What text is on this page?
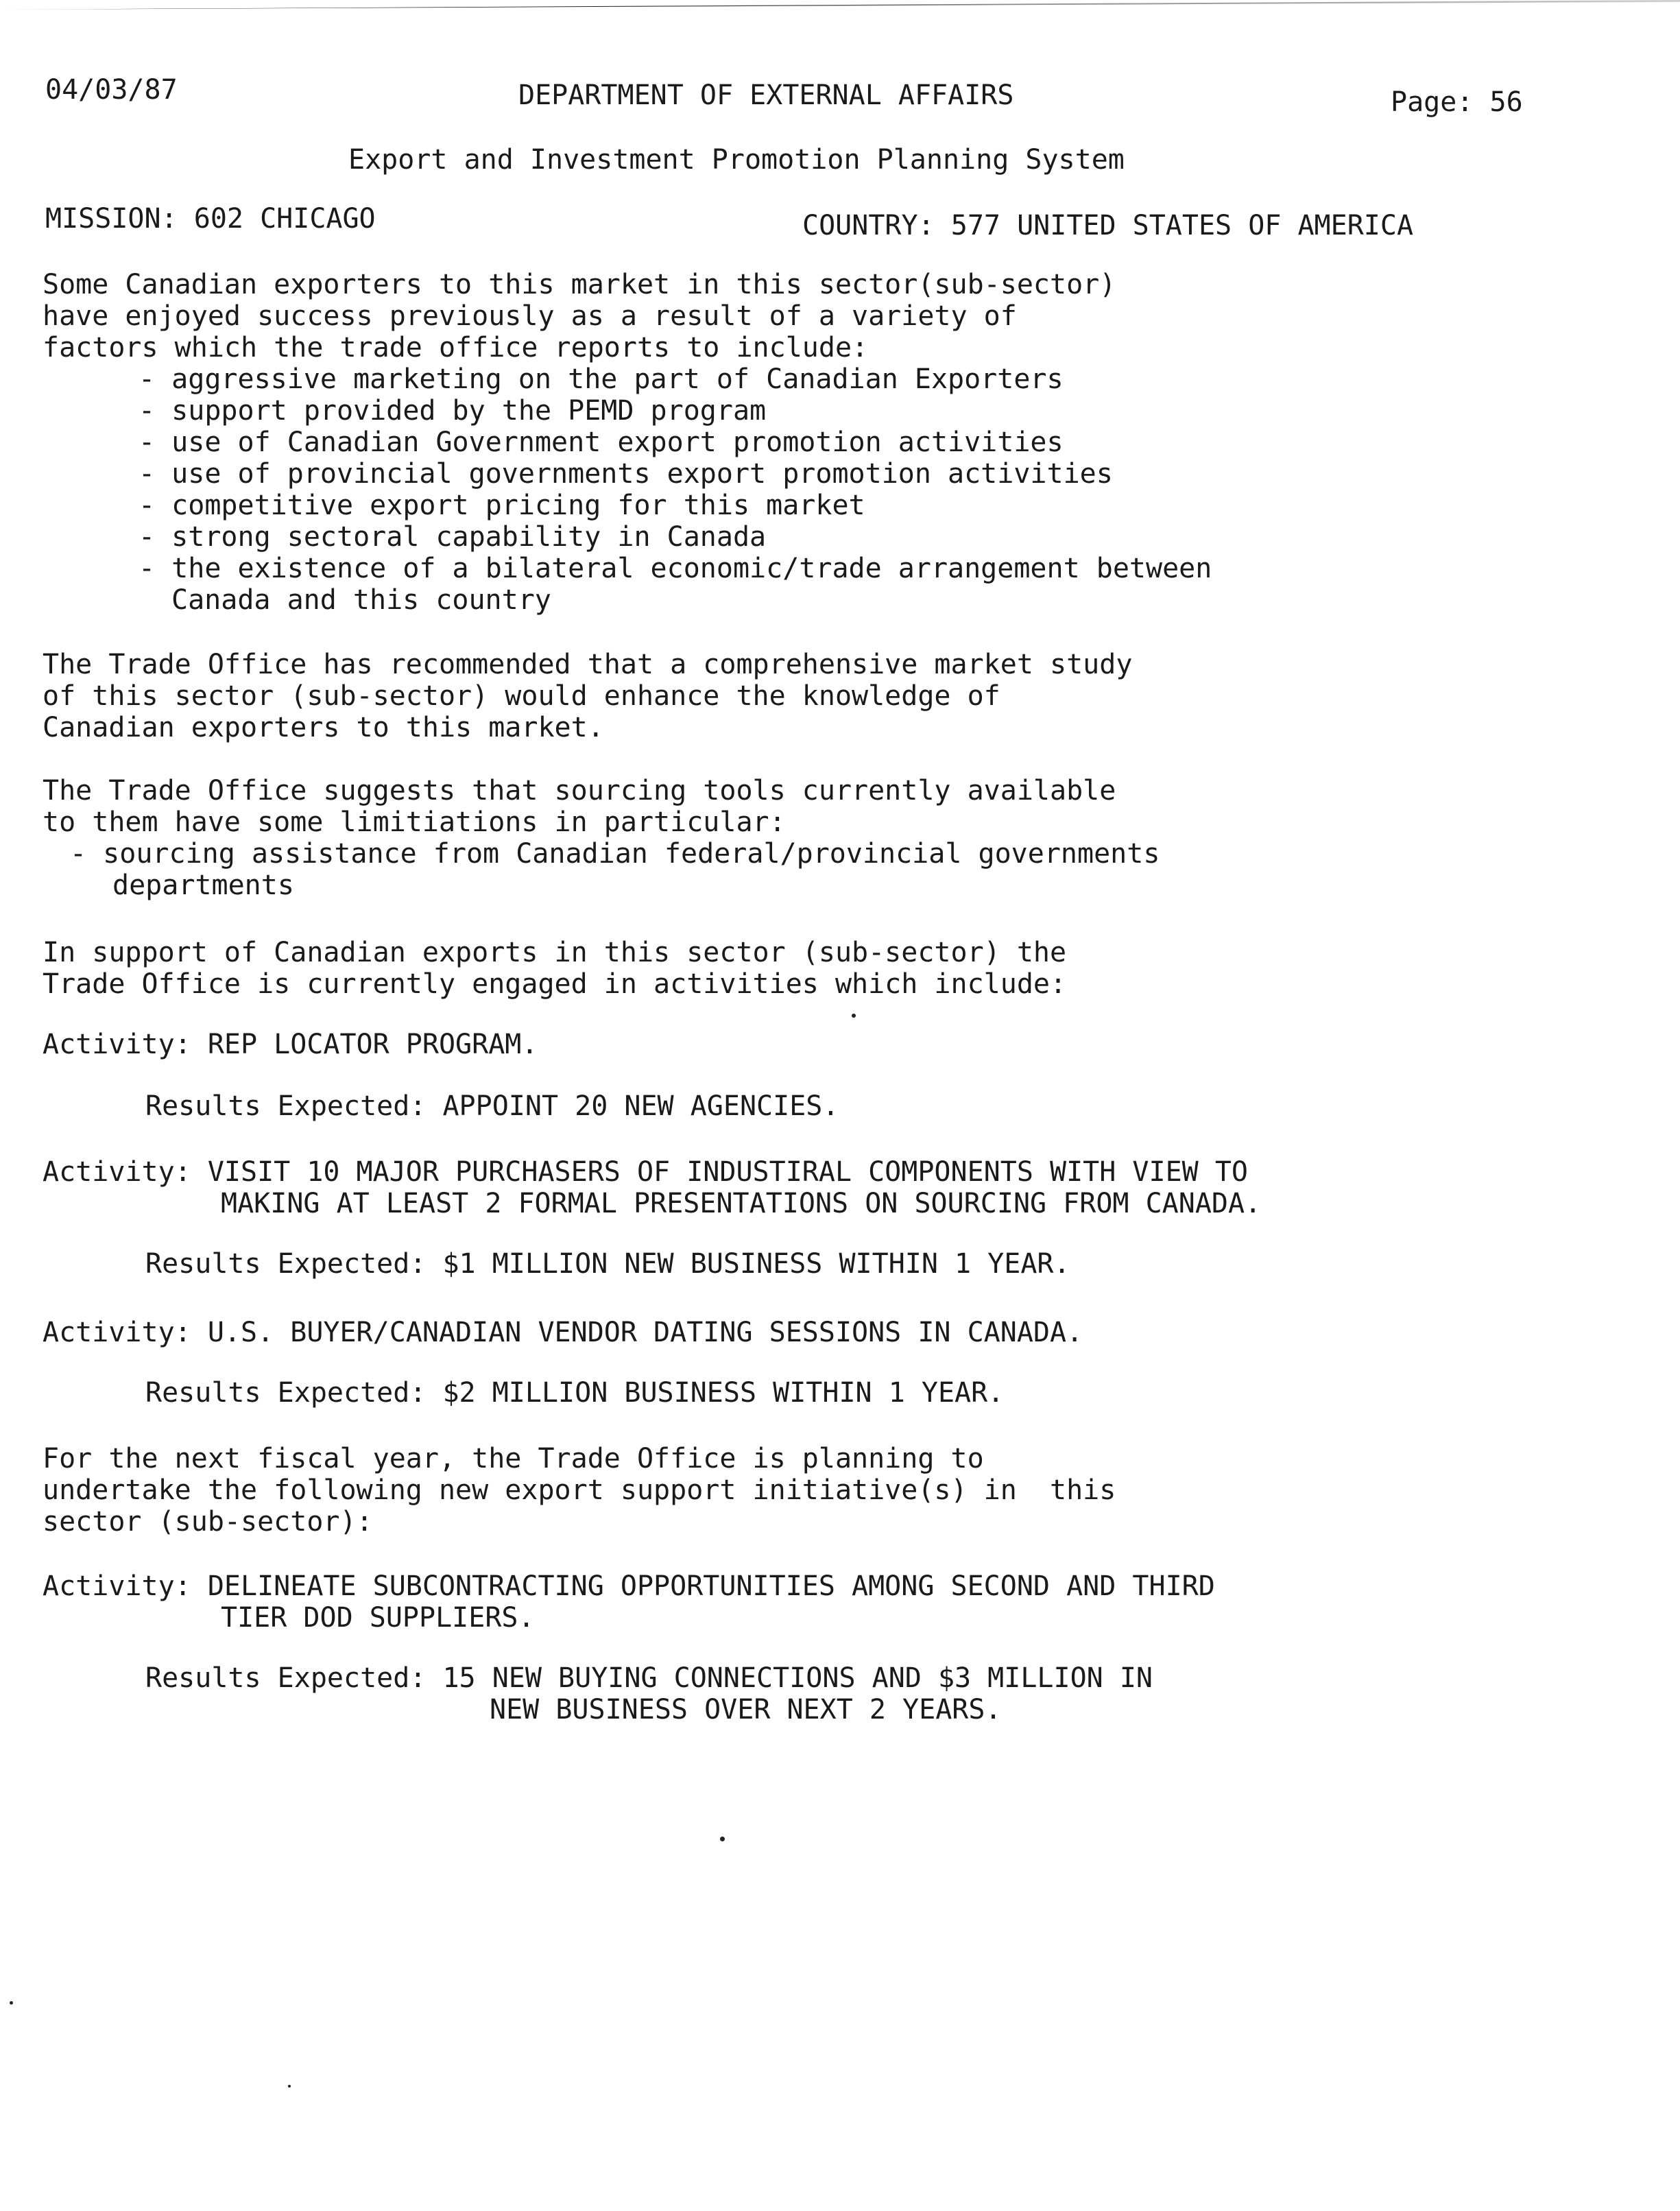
04/03/87	DEPARTMENT OF EXTERNAL AFFAIRS	Page: 56
Export and Investment Promotion Planning System
MISSION: 602 CHICAGO	COUNTRY: 577 UNITED STATES OF AMERICA
Some Canadian exporters to this market in this sector(sub-sector)
have enjoyed success previously as a result of a variety of
factors which the trade office reports to include:
- aggressive marketing on the part of Canadian Exporters
- support provided by the PEMD program
- use of Canadian Government export promotion activities
- use of provincial governments export promotion activities
- competitive export pricing for this market
- strong sectoral capability in Canada
- the existence of a bilateral economic/trade arrangement between
Canada and this country
The Trade Office has recommended that a comprehensive market study
of this sector (sub-sector) would enhance the knowledge of
Canadian exporters to this market.
The Trade Office suggests that sourcing tools currently available
to them have some limitiations in particular:
- sourcing assistance from Canadian federal/provincial governments
departments
In support of Canadian exports in this sector (sub-sector) the
Trade Office is currently engaged in activities which include:
Activity: REP LOCATOR PROGRAM.
Results Expected: APPOINT 20 NEW AGENCIES.
Activity: VISIT 10 MAJOR PURCHASERS OF INDUSTIRAL COMPONENTS WITH VIEW TO
MAKING AT LEAST 2 FORMAL PRESENTATIONS ON SOURCING FROM CANADA.
Results Expected: $1 MILLION NEW BUSINESS WITHIN 1 YEAR.
Activity: U.S. BUYER/CANADIAN VENDOR DATING SESSIONS IN CANADA.
Results Expected: $2 MILLION BUSINESS WITHIN 1 YEAR.
For the next fiscal year, the Trade Office is planning to
undertake the following new export support initiative(s) in  this
sector (sub-sector):
Activity: DELINEATE SUBCONTRACTING OPPORTUNITIES AMONG SECOND AND THIRD
TIER DOD SUPPLIERS.
Results Expected: 15 NEW BUYING CONNECTIONS AND $3 MILLION IN
NEW BUSINESS OVER NEXT 2 YEARS.
